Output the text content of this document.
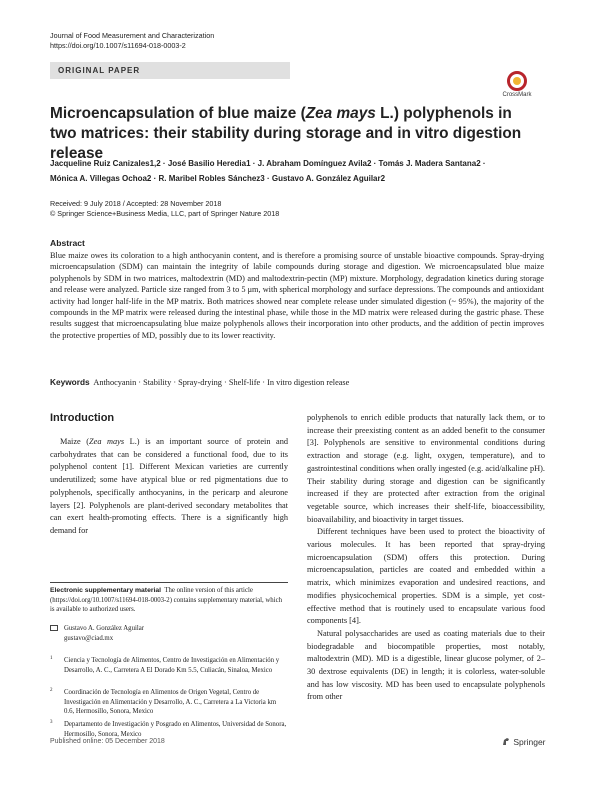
Journal of Food Measurement and Characterization
https://doi.org/10.1007/s11694-018-0003-2
ORIGINAL PAPER
CrossMark
Microencapsulation of blue maize (Zea mays L.) polyphenols in two matrices: their stability during storage and in vitro digestion release
Jacqueline Ruiz Canizales1,2 · José Basilio Heredia1 · J. Abraham Domínguez Avila2 · Tomás J. Madera Santana2 ·
Mónica A. Villegas Ochoa2 · R. Maribel Robles Sánchez3 · Gustavo A. González Aguilar2
Received: 9 July 2018 / Accepted: 28 November 2018
© Springer Science+Business Media, LLC, part of Springer Nature 2018
Abstract
Blue maize owes its coloration to a high anthocyanin content, and is therefore a promising source of unstable bioactive compounds. Spray-drying microencapsulation (SDM) can maintain the integrity of labile compounds during storage and digestion. We microencapsulated blue maize polyphenols by SDM in two matrices, maltodextrin (MD) and maltodextrin-pectin (MP) mixture. Morphology, degradation kinetics during storage and release were analyzed. Particle size ranged from 3 to 5 μm, with spherical morphology and surface depressions. The compounds and antioxidant activity had longer half-life in the MP matrix. Both matrices showed near complete release under simulated digestion (~ 95%), the majority of the compounds in the MP matrix were released during the intestinal phase, while those in the MD matrix were released during the gastric phase. These results suggest that microencapsulating blue maize polyphenols allows their incorporation into other products, and the addition of pectin improves the protective properties of MD, possibly due to its lower reactivity.
Keywords Anthocyanin · Stability · Spray-drying · Shelf-life · In vitro digestion release
Introduction

Maize (Zea mays L.) is an important source of protein and carbohydrates that can be considered a functional food, due to its polyphenol content [1]. Different Mexican varieties are currently underutilized; some have atypical blue or red pigmentations due to polyphenols, specifically anthocyanins, in the pericarp and aleurone layers [2]. Polyphenols are plant-derived secondary metabolites that can exert health-promoting effects. There is a significantly high demand for

polyphenols to enrich edible products that naturally lack them, or to increase their preexisting content as an added benefit to the consumer [3]. Polyphenols are sensitive to environmental conditions during extraction and storage (e.g. light, oxygen, temperature), and to gastrointestinal conditions when orally ingested (e.g. acid/alkaline pH). Their stability during storage and digestion can be significantly increased if they are protected after extraction from the original vegetable source, which increases their shelf-life, bioaccessibility, bioavailability, and bioactivity in target tissues.

Different techniques have been used to protect the bioactivity of various molecules. It has been reported that spray-drying microencapsulation (SDM) offers this protection. During microencapsulation, particles are coated and embedded within a matrix, which minimizes evaporation and undesired reactions, and modifies physicochemical properties. SDM is a simple, yet cost-effective method that is routinely used to encapsulate various food components [4].

Natural polysaccharides are used as coating materials due to their biodegradable and biocompatible properties, most notably, maltodextrin (MD). MD is a digestible, linear glucose polymer, of 2–30 dextrose equivalents (DE) in length; it is colorless, water-soluble and has low viscosity. MD has been used to encapsulate polyphenols from other

Electronic supplementary material The online version of this article (https://doi.org/10.1007/s11694-018-0003-2) contains supplementary material, which is available to authorized users.
Gustavo A. González Aguilar
gustavo@ciad.mx
1 Ciencia y Tecnología de Alimentos, Centro de Investigación en Alimentación y Desarrollo, A. C., Carretera A El Dorado Km 5.5, Culiacán, Sinaloa, Mexico
2 Coordinación de Tecnología en Alimentos de Origen Vegetal, Centro de Investigación en Alimentación y Desarrollo, A. C., Carretera a La Victoria km 0.6, Hermosillo, Sonora, Mexico
3 Departamento de Investigación y Posgrado en Alimentos, Universidad de Sonora, Hermosillo, Sonora, Mexico
Published online: 05 December 2018	Springer
